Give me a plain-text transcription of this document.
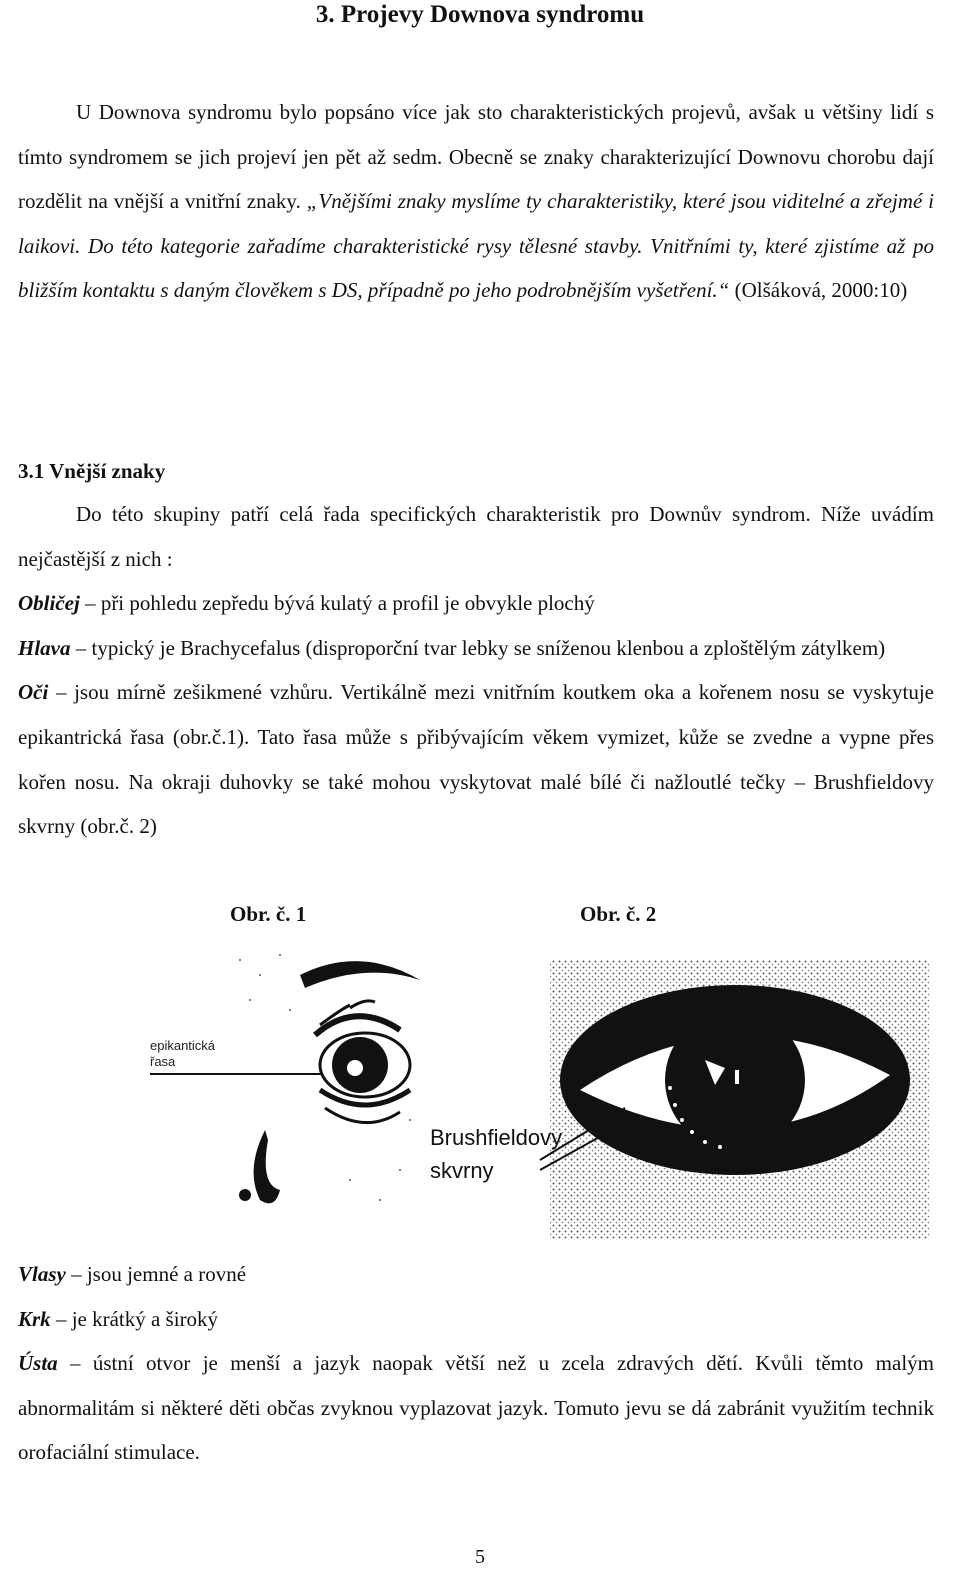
3. Projevy Downova syndromu

U Downova syndromu bylo popsáno více jak sto charakteristických projevů, avšak u většiny lidí s tímto syndromem se jich projeví jen pět až sedm. Obecně se znaky charakterizující Downovu chorobu dají rozdělit na vnější a vnitřní znaky. „Vnějšími znaky myslíme ty charakteristiky, které jsou viditelné a zřejmé i laikovi. Do této kategorie zařadíme charakteristické rysy tělesné stavby. Vnitřními ty, které zjistíme až po bližším kontaktu s daným člověkem s DS, případně po jeho podrobnějším vyšetření.“ (Olšáková, 2000:10)

3.1 Vnější znaky

Do této skupiny patří celá řada specifických charakteristik pro Downův syndrom. Níže uvádím nejčastější z nich :

Obličej – při pohledu zepředu bývá kulatý a profil je obvykle plochý

Hlava – typický je Brachycefalus (disproporční tvar lebky se sníženou klenbou a zploštělým zátylkem)

Oči – jsou mírně zešikmené vzhůru. Vertikálně mezi vnitřním koutkem oka a kořenem nosu se vyskytuje epikantrická řasa (obr.č.1). Tato řasa může s přibývajícím věkem vymizet, kůže se zvedne a vypne přes kořen nosu. Na okraji duhovky se také mohou vyskytovat malé bílé či nažloutlé tečky – Brushfieldovy skvrny (obr.č. 2)

Obr. č. 1	Obr. č. 2
epikantická
řasa
Brushfieldovy
skvrny

Vlasy – jsou jemné a rovné

Krk – je krátký a široký

Ústa – ústní otvor je menší a jazyk naopak větší než u zcela zdravých dětí. Kvůli těmto malým abnormalitám si některé děti občas zvyknou vyplazovat jazyk. Tomuto jevu se dá zabránit využitím technik orofaciální stimulace.

5
